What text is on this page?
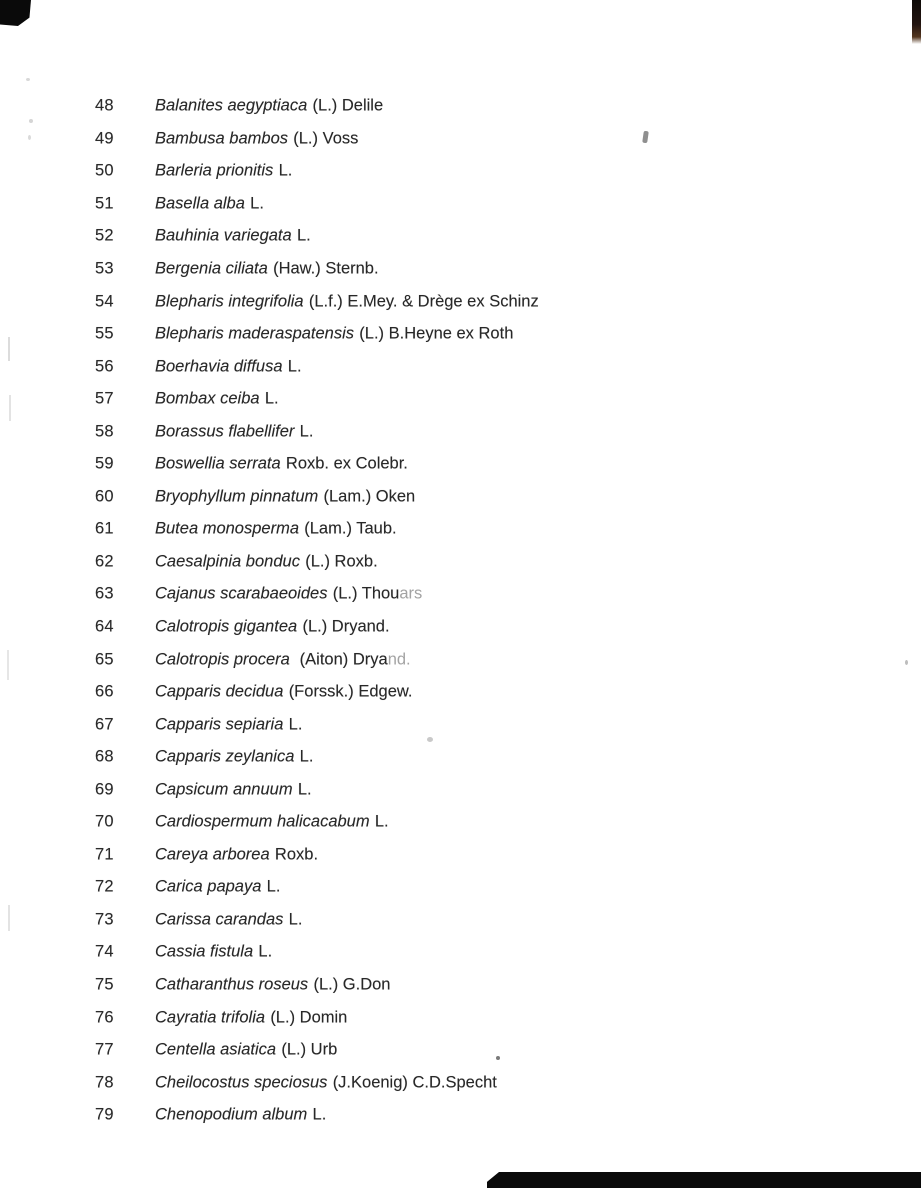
48 Balanites aegyptiaca (L.) Delile
49 Bambusa bambos (L.) Voss
50 Barleria prionitis L.
51 Basella alba L.
52 Bauhinia variegata L.
53 Bergenia ciliata (Haw.) Sternb.
54 Blepharis integrifolia (L.f.) E.Mey. & Drège ex Schinz
55 Blepharis maderaspatensis (L.) B.Heyne ex Roth
56 Boerhavia diffusa L.
57 Bombax ceiba L.
58 Borassus flabellifer L.
59 Boswellia serrata Roxb. ex Colebr.
60 Bryophyllum pinnatum (Lam.) Oken
61 Butea monosperma (Lam.) Taub.
62 Caesalpinia bonduc (L.) Roxb.
63 Cajanus scarabaeoides (L.) Thouars
64 Calotropis gigantea (L.) Dryand.
65 Calotropis procera (Aiton) Dryand.
66 Capparis decidua (Forssk.) Edgew.
67 Capparis sepiaria L.
68 Capparis zeylanica L.
69 Capsicum annuum L.
70 Cardiospermum halicacabum L.
71 Careya arborea Roxb.
72 Carica papaya L.
73 Carissa carandas L.
74 Cassia fistula L.
75 Catharanthus roseus (L.) G.Don
76 Cayratia trifolia (L.) Domin
77 Centella asiatica (L.) Urb
78 Cheilocostus speciosus (J.Koenig) C.D.Specht
79 Chenopodium album L.
